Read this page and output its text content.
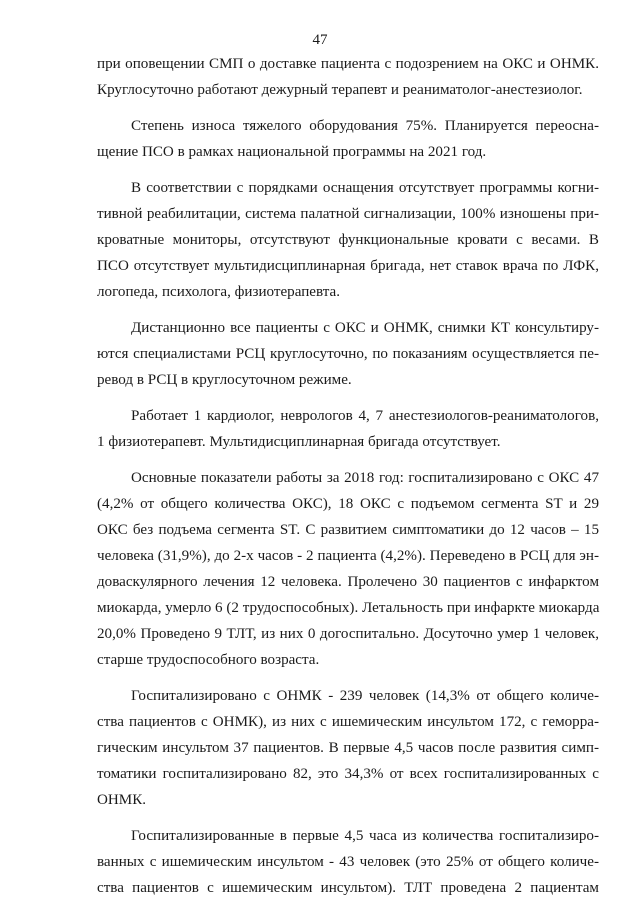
47
при оповещении СМП о доставке пациента с подозрением на ОКС и ОНМК.
Круглосуточно работают дежурный терапевт и реаниматолог-анестезиолог.
Степень износа тяжелого оборудования 75%. Планируется переосна-
щение ПСО в рамках национальной программы на 2021 год.
В соответствии с порядками оснащения отсутствует программы когни-
тивной реабилитации, система палатной сигнализации, 100% изношены при-
кроватные мониторы, отсутствуют функциональные кровати с весами. В
ПСО отсутствует мультидисциплинарная бригада, нет ставок врача по ЛФК,
логопеда, психолога, физиотерапевта.
Дистанционно все пациенты с ОКС и ОНМК, снимки КТ консультиру-
ются специалистами РСЦ круглосуточно, по показаниям осуществляется пе-
ревод в РСЦ в круглосуточном режиме.
Работает 1 кардиолог, неврологов 4, 7 анестезиологов-реаниматологов,
1 физиотерапевт. Мультидисциплинарная бригада отсутствует.
Основные показатели работы за 2018 год: госпитализировано с ОКС 47
(4,2% от общего количества ОКС), 18 ОКС с подъемом сегмента ST и 29
ОКС без подъема сегмента ST. С развитием симптоматики до 12 часов – 15
человека (31,9%), до 2-х часов - 2 пациента (4,2%). Переведено в РСЦ для эн-
доваскулярного лечения 12 человека. Пролечено 30 пациентов с инфарктом
миокарда, умерло 6 (2 трудоспособных). Летальность при инфаркте миокарда
20,0% Проведено 9 ТЛТ, из них 0 догоспитально. Досуточно умер 1 человек,
старше трудоспособного возраста.
Госпитализировано с ОНМК - 239 человек (14,3% от общего количе-
ства пациентов с ОНМК), из них с ишемическим инсультом 172, с геморра-
гическим инсультом 37 пациентов. В первые 4,5 часов после развития симп-
томатики госпитализировано 82, это 34,3% от всех госпитализированных с
ОНМК.
Госпитализированные в первые 4,5 часа из количества госпитализиро-
ванных с ишемическим инсультом - 43 человек (это 25% от общего количе-
ства пациентов с ишемическим инсультом). ТЛТ проведена 2 пациентам
